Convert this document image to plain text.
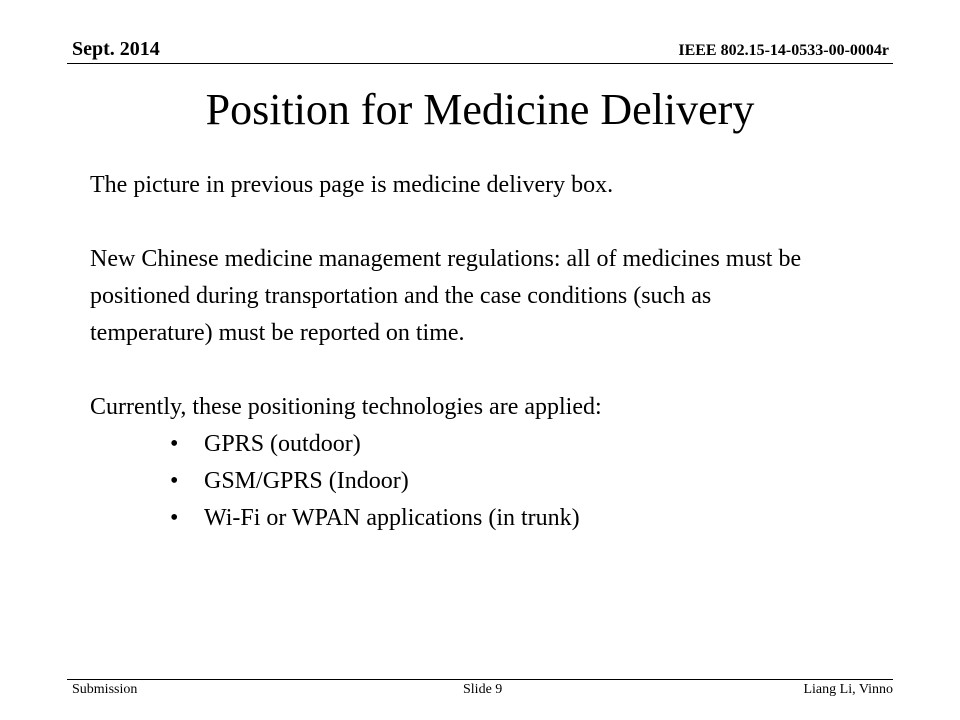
Sept. 2014	IEEE 802.15-14-0533-00-0004r
Position for Medicine Delivery

The picture in previous page is medicine delivery box.

New Chinese medicine management regulations: all of medicines must be positioned during transportation and the case conditions (such as temperature) must be reported on time.

Currently, these positioning technologies are applied:

• GPRS (outdoor)
• GSM/GPRS (Indoor)
• Wi-Fi or WPAN applications (in trunk)
Submission	Slide 9	Liang Li, Vinno
